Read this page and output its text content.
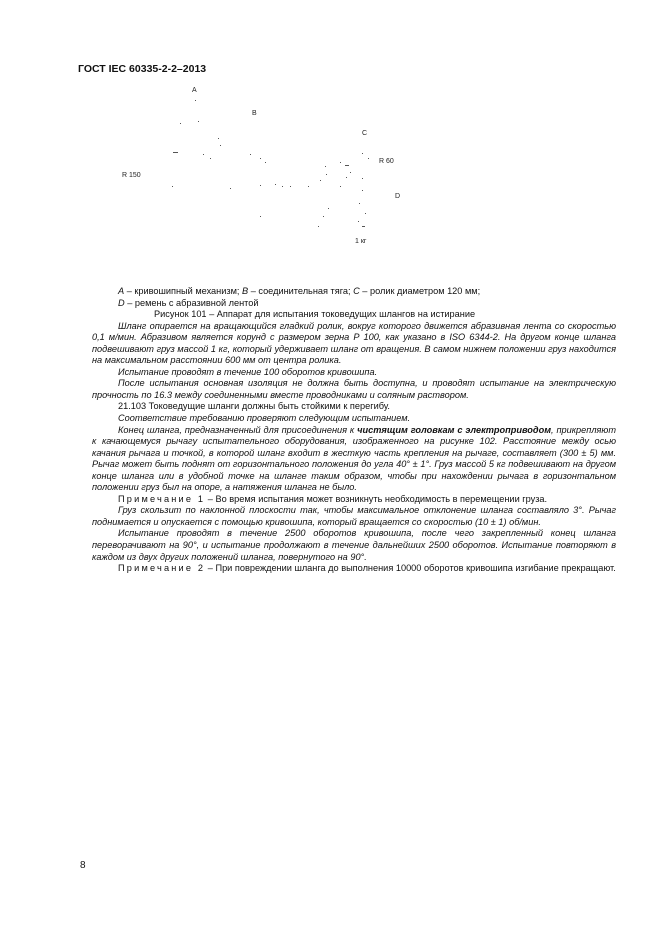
ГОСТ IEC 60335-2-2–2013
A
B
C
R 60
R 150
D
1 кг

A – кривошипный механизм; B – соединительная тяга; C – ролик диаметром 120 мм;

D – ремень с абразивной лентой

Рисунок 101 – Аппарат для испытания токоведущих шлангов на истирание

Шланг опирается на вращающийся гладкий ролик, вокруг которого движется абразивная лента со скоростью 0,1 м/мин. Абразивом является корунд с размером зерна Р 100, как указано в ISO 6344-2. На другом конце шланга подвешивают груз массой 1 кг, который удерживает шланг от вращения. В самом нижнем положении груз находится на максимальном расстоянии 600 мм от центра ролика.

Испытание проводят в течение 100 оборотов кривошипа.

После испытания основная изоляция не должна быть доступна, и проводят испытание на электрическую прочность по 16.3 между соединенными вместе проводниками и соляным раствором.

21.103 Токоведущие шланги должны быть стойкими к перегибу.

Соответствие требованию проверяют следующим испытанием.

Конец шланга, предназначенный для присоединения к чистящим головкам с электроприводом, прикрепляют к качающемуся рычагу испытательного оборудования, изображенного на рисунке 102. Расстояние между осью качания рычага и точкой, в которой шланг входит в жесткую часть крепления на рычаге, составляет (300 ± 5) мм. Рычаг может быть поднят от горизонтального положения до угла 40° ± 1°. Груз массой 5 кг подвешивают на другом конце шланга или в удобной точке на шланге таким образом, чтобы при нахождении рычага в горизонтальном положении груз был на опоре, а натяжения шланга не было.

Примечание 1 – Во время испытания может возникнуть необходимость в перемещении груза.

Груз скользит по наклонной плоскости так, чтобы максимальное отклонение шланга составляло 3°. Рычаг поднимается и опускается с помощью кривошипа, который вращается со скоростью (10 ± 1) об/мин.

Испытание проводят в течение 2500 оборотов кривошипа, после чего закрепленный конец шланга переворачивают на 90°, и испытание продолжают в течение дальнейших 2500 оборотов. Испытание повторяют в каждом из двух других положений шланга, повернутого на 90°.

Примечание 2 – При повреждении шланга до выполнения 10000 оборотов кривошипа изгибание прекращают.

8
